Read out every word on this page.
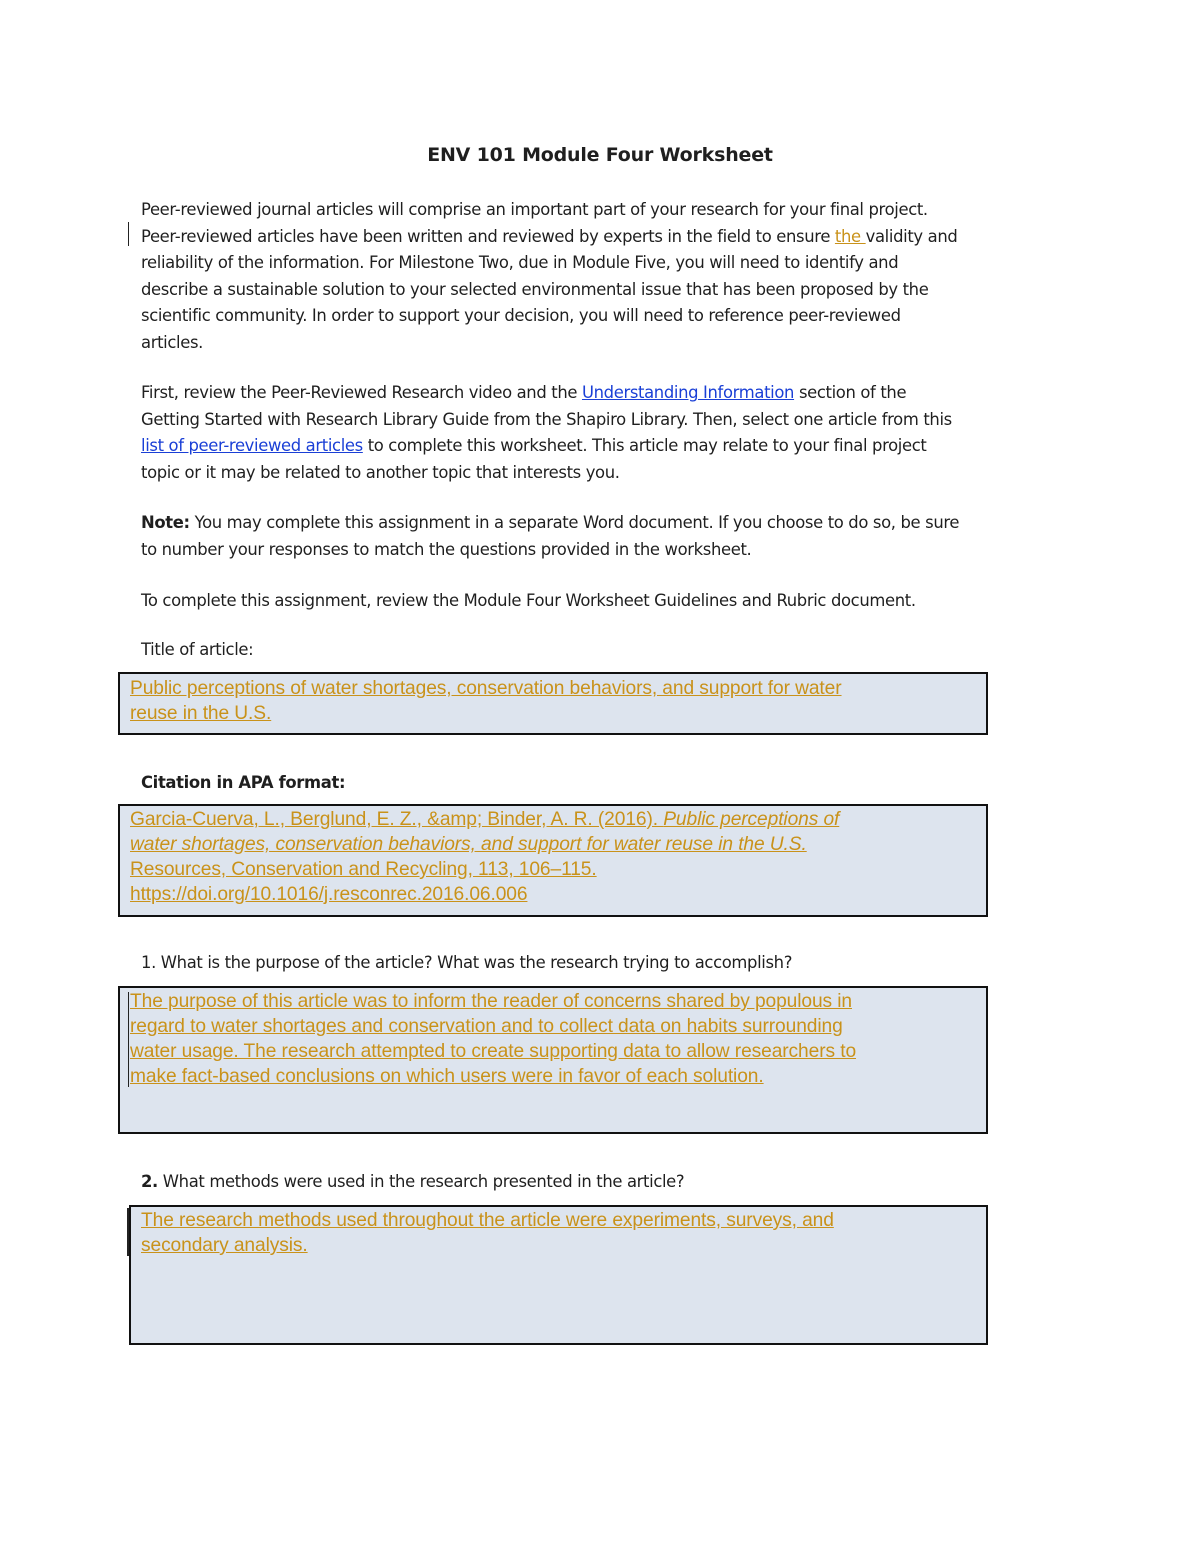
ENV 101 Module Four Worksheet
Peer-reviewed journal articles will comprise an important part of your research for your final project.
Peer-reviewed articles have been written and reviewed by experts in the field to ensure the validity and
reliability of the information. For Milestone Two, due in Module Five, you will need to identify and
describe a sustainable solution to your selected environmental issue that has been proposed by the
scientific community. In order to support your decision, you will need to reference peer-reviewed
articles.
First, review the Peer-Reviewed Research video and the Understanding Information section of the
Getting Started with Research Library Guide from the Shapiro Library. Then, select one article from this
list of peer-reviewed articles to complete this worksheet. This article may relate to your final project
topic or it may be related to another topic that interests you.
Note: You may complete this assignment in a separate Word document. If you choose to do so, be sure
to number your responses to match the questions provided in the worksheet.
To complete this assignment, review the Module Four Worksheet Guidelines and Rubric document.
Title of article:
Public perceptions of water shortages, conservation behaviors, and support for water
reuse in the U.S.
Citation in APA format:
Garcia-Cuerva, L., Berglund, E. Z., &amp; Binder, A. R. (2016). Public perceptions of
water shortages, conservation behaviors, and support for water reuse in the U.S.
Resources, Conservation and Recycling, 113, 106–115.
https://doi.org/10.1016/j.resconrec.2016.06.006
1. What is the purpose of the article? What was the research trying to accomplish?
The purpose of this article was to inform the reader of concerns shared by populous in
regard to water shortages and conservation and to collect data on habits surrounding
water usage. The research attempted to create supporting data to allow researchers to
make fact-based conclusions on which users were in favor of each solution.
2. What methods were used in the research presented in the article?
The research methods used throughout the article were experiments, surveys, and
secondary analysis.
